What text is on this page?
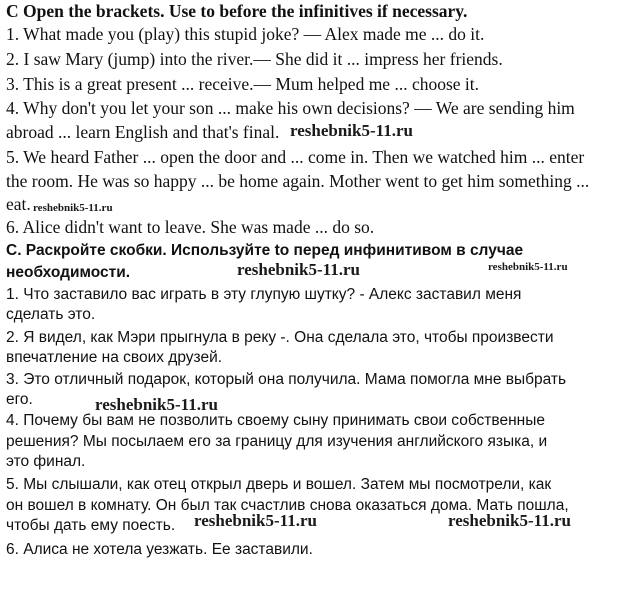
C Open the brackets. Use to before the infinitives if necessary.
1. What made you (play) this stupid joke? — Alex made me ... do it.
2. I saw Mary (jump) into the river.— She did it ... impress her friends.
3. This is a great present ... receive.— Mum helped me ... choose it.
4. Why don't you let your son ... make his own decisions? — We are sending him
abroad ... learn English and that's final.
5. We heard Father ... open the door and ... come in. Then we watched him ... enter
the room. He was so happy ... be home again. Mother went to get him something ...
eat.
6. Alice didn't want to leave. She was made ... do so.
С. Раскройте скобки. Используйте to перед инфинитивом в случае
необходимости.
1. Что заставило вас играть в эту глупую шутку? - Алекс заставил меня
сделать это.
2. Я видел, как Мэри прыгнула в реку -. Она сделала это, чтобы произвести
впечатление на своих друзей.
3. Это отличный подарок, который она получила. Мама помогла мне выбрать
его.
4. Почему бы вам не позволить своему сыну принимать свои собственные
решения? Мы посылаем его за границу для изучения английского языка, и
это финал.
5. Мы слышали, как отец открыл дверь и вошел. Затем мы посмотрели, как
он вошел в комнату. Он был так счастлив снова оказаться дома. Мать пошла,
чтобы дать ему поесть.
6. Алиса не хотела уезжать. Ее заставили.
reshebnik5-11.ru
reshebnik5-11.ru
reshebnik5-11.ru	reshebnik5-11.ru
reshebnik5-11.ru
reshebnik5-11.ru	reshebnik5-11.ru
